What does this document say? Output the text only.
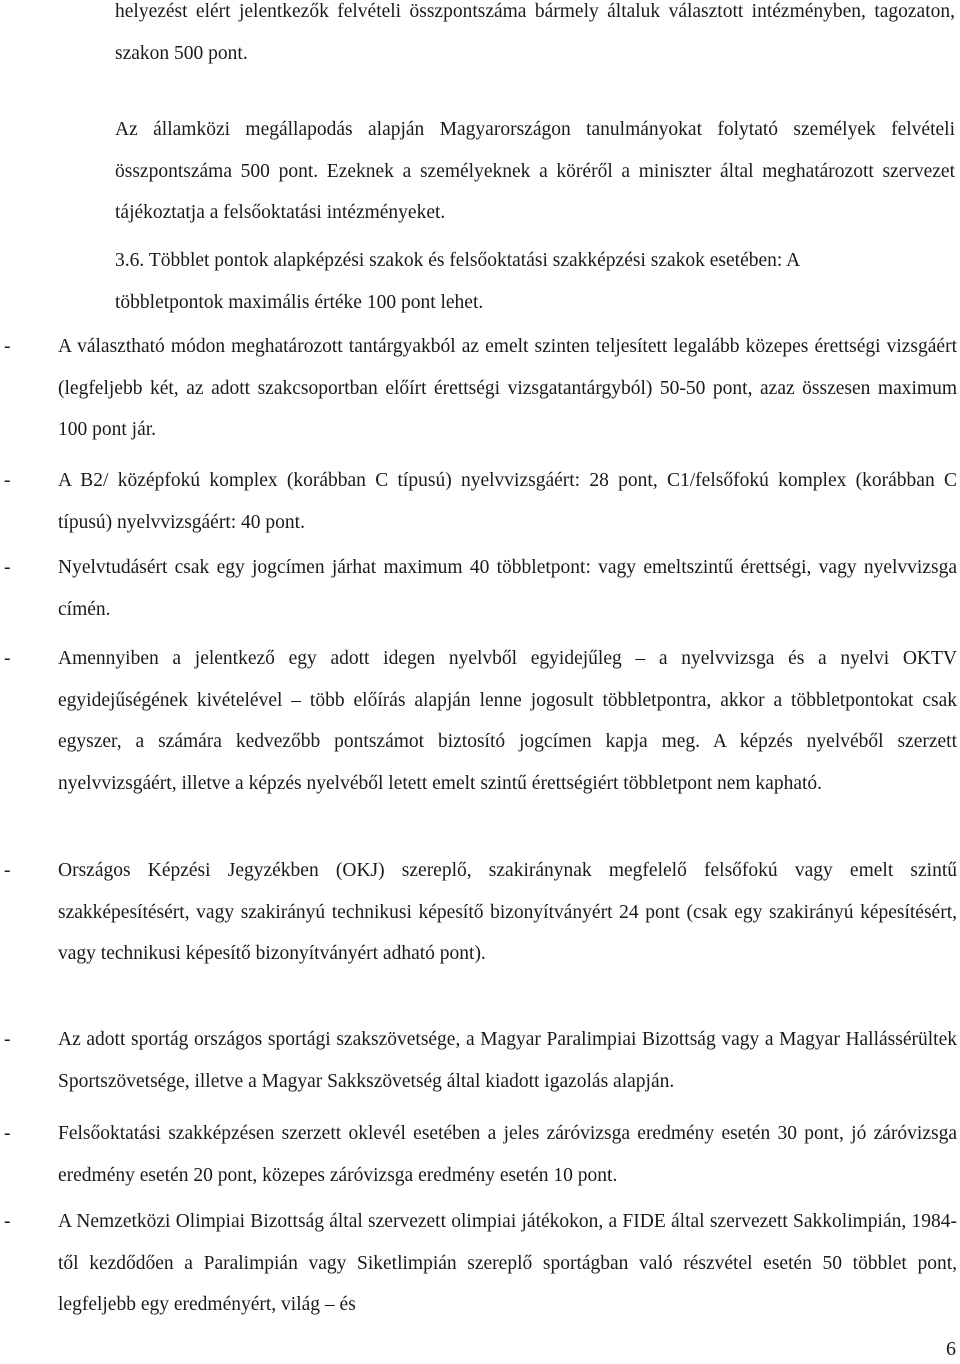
helyezést elért jelentkezők felvételi összpontszáma bármely általuk választott intézményben, tagozaton, szakon 500 pont.
Az államközi megállapodás alapján Magyarországon tanulmányokat folytató személyek felvételi összpontszáma 500 pont. Ezeknek a személyeknek a köréről a miniszter által meghatározott szervezet tájékoztatja a felsőoktatási intézményeket.
3.6. Többlet pontok alapképzési szakok és felsőoktatási szakképzési szakok esetében: A
többletpontok maximális értéke 100 pont lehet.
- A választható módon meghatározott tantárgyakból az emelt szinten teljesített legalább közepes érettségi vizsgáért (legfeljebb két, az adott szakcsoportban előírt érettségi vizsgatantárgyból) 50-50 pont, azaz összesen maximum 100 pont jár.
- A B2/ középfokú komplex (korábban C típusú) nyelvvizsgáért: 28 pont, C1/felsőfokú komplex (korábban C típusú) nyelvvizsgáért: 40 pont.
- Nyelvtudásért csak egy jogcímen járhat maximum 40 többletpont: vagy emeltszintű érettségi, vagy nyelvvizsga címén.
- Amennyiben a jelentkező egy adott idegen nyelvből egyidejűleg – a nyelvvizsga és a nyelvi OKTV egyidejűségének kivételével – több előírás alapján lenne jogosult többletpontra, akkor a többletpontokat csak egyszer, a számára kedvezőbb pontszámot biztosító jogcímen kapja meg. A képzés nyelvéből szerzett nyelvvizsgáért, illetve a képzés nyelvéből letett emelt szintű érettségiért többletpont nem kapható.
- Országos Képzési Jegyzékben (OKJ) szereplő, szakiránynak megfelelő felsőfokú vagy emelt szintű szakképesítésért, vagy szakirányú technikusi képesítő bizonyítványért 24 pont (csak egy szakirányú képesítésért, vagy technikusi képesítő bizonyítványért adható pont).
- Az adott sportág országos sportági szakszövetsége, a Magyar Paralimpiai Bizottság vagy a Magyar Hallássérültek Sportszövetsége, illetve a Magyar Sakkszövetség által kiadott igazolás alapján.
- Felsőoktatási szakképzésen szerzett oklevél esetében a jeles záróvizsga eredmény esetén 30 pont, jó záróvizsga eredmény esetén 20 pont, közepes záróvizsga eredmény esetén 10 pont.
- A Nemzetközi Olimpiai Bizottság által szervezett olimpiai játékokon, a FIDE által szervezett Sakkolimpián, 1984-től kezdődően a Paralimpián vagy Siketlimpián szereplő sportágban való részvétel esetén 50 többlet pont, legfeljebb egy eredményért, világ – és
6
